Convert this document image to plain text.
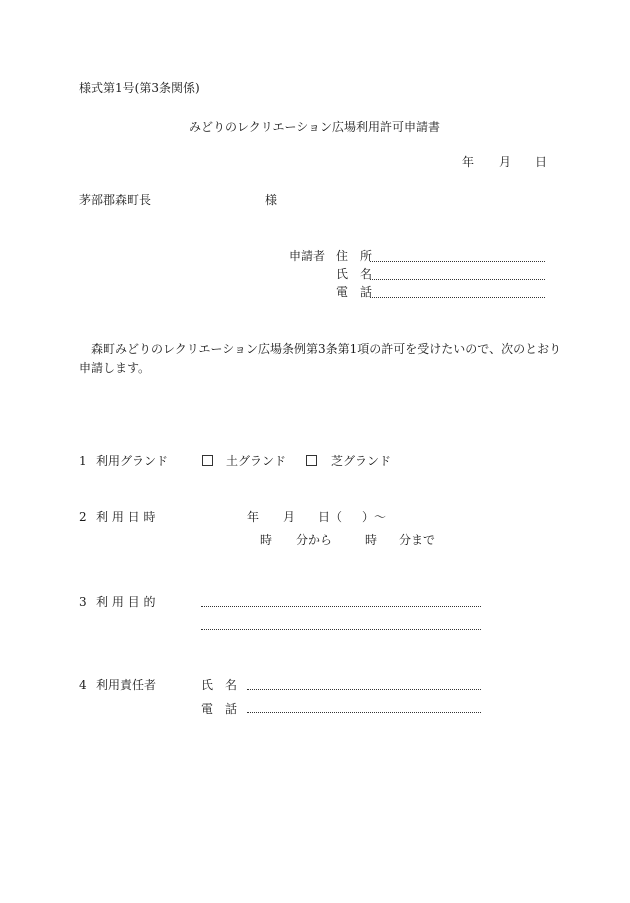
様式第1号(第3条関係)
みどりのレクリエーション広場利用許可申請書
年 月 日
茅部郡森町長	様
申請者 住　所
氏　名
電　話
森町みどりのレクリエーション広場条例第3条第1項の許可を受けたいので、次のとおり
申請します。
1 利用グランド	土グランド	芝グランド
2 利 用 日 時	年 月 日（ ）〜
時 分から	時 分まで
3 利 用 目 的
4 利用責任者	氏　名
電　話
